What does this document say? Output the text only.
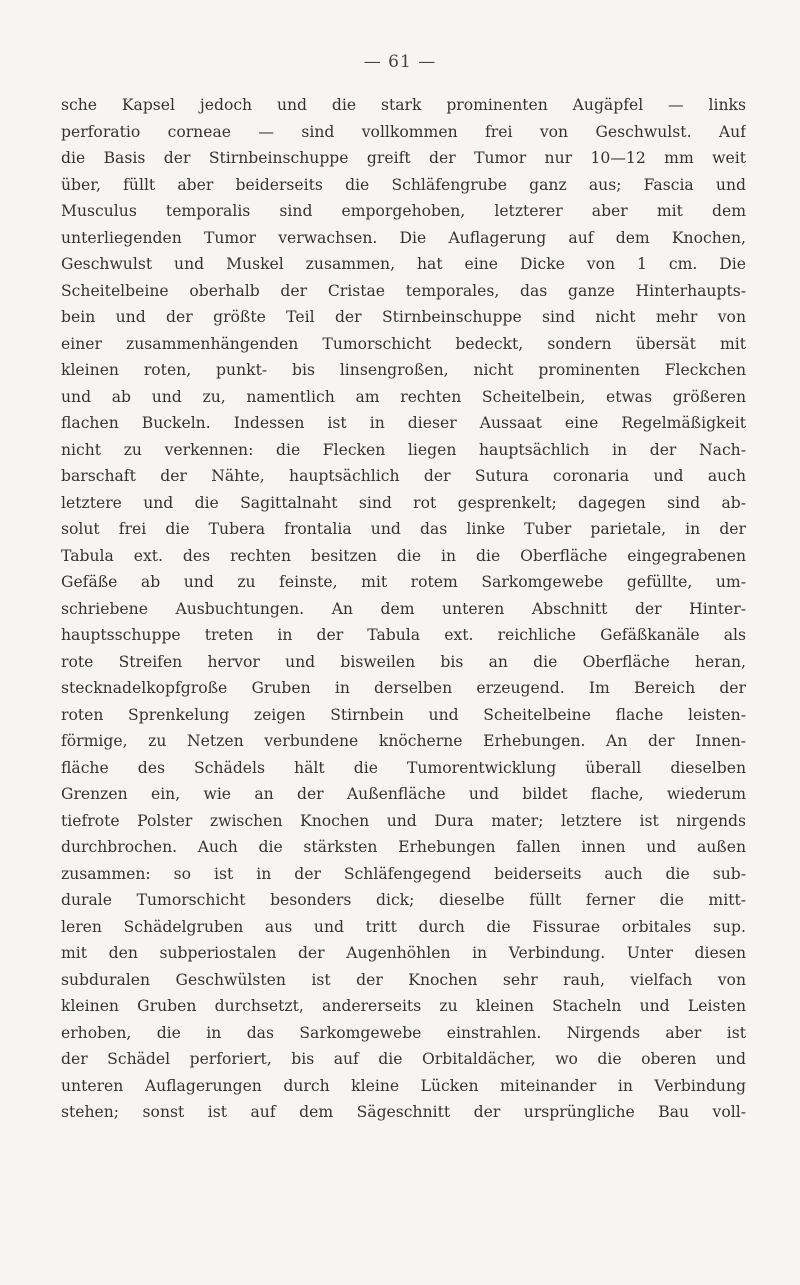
— 61 —
sche Kapsel jedoch und die stark prominenten Augäpfel — links
perforatio corneae — sind vollkommen frei von Geschwulst. Auf
die Basis der Stirnbeinschuppe greift der Tumor nur 10—12 mm weit
über, füllt aber beiderseits die Schläfengrube ganz aus; Fascia und
Musculus temporalis sind emporgehoben, letzterer aber mit dem
unterliegenden Tumor verwachsen. Die Auflagerung auf dem Knochen,
Geschwulst und Muskel zusammen, hat eine Dicke von 1 cm. Die
Scheitelbeine oberhalb der Cristae temporales, das ganze Hinterhaupts-
bein und der größte Teil der Stirnbeinschuppe sind nicht mehr von
einer zusammenhängenden Tumorschicht bedeckt, sondern übersät mit
kleinen roten, punkt- bis linsengroßen, nicht prominenten Fleckchen
und ab und zu, namentlich am rechten Scheitelbein, etwas größeren
flachen Buckeln. Indessen ist in dieser Aussaat eine Regelmäßigkeit
nicht zu verkennen: die Flecken liegen hauptsächlich in der Nach-
barschaft der Nähte, hauptsächlich der Sutura coronaria und auch
letztere und die Sagittalnaht sind rot gesprenkelt; dagegen sind ab-
solut frei die Tubera frontalia und das linke Tuber parietale, in der
Tabula ext. des rechten besitzen die in die Oberfläche eingegrabenen
Gefäße ab und zu feinste, mit rotem Sarkomgewebe gefüllte, um-
schriebene Ausbuchtungen. An dem unteren Abschnitt der Hinter-
hauptsschuppe treten in der Tabula ext. reichliche Gefäßkanäle als
rote Streifen hervor und bisweilen bis an die Oberfläche heran,
stecknadelkopfgroße Gruben in derselben erzeugend. Im Bereich der
roten Sprenkelung zeigen Stirnbein und Scheitelbeine flache leisten-
förmige, zu Netzen verbundene knöcherne Erhebungen. An der Innen-
fläche des Schädels hält die Tumorentwicklung überall dieselben
Grenzen ein, wie an der Außenfläche und bildet flache, wiederum
tiefrote Polster zwischen Knochen und Dura mater; letztere ist nirgends
durchbrochen. Auch die stärksten Erhebungen fallen innen und außen
zusammen: so ist in der Schläfengegend beiderseits auch die sub-
durale Tumorschicht besonders dick; dieselbe füllt ferner die mitt-
leren Schädelgruben aus und tritt durch die Fissurae orbitales sup.
mit den subperiostalen der Augenhöhlen in Verbindung. Unter diesen
subduralen Geschwülsten ist der Knochen sehr rauh, vielfach von
kleinen Gruben durchsetzt, andererseits zu kleinen Stacheln und Leisten
erhoben, die in das Sarkomgewebe einstrahlen. Nirgends aber ist
der Schädel perforiert, bis auf die Orbitaldächer, wo die oberen und
unteren Auflagerungen durch kleine Lücken miteinander in Verbindung
stehen; sonst ist auf dem Sägeschnitt der ursprüngliche Bau voll-
